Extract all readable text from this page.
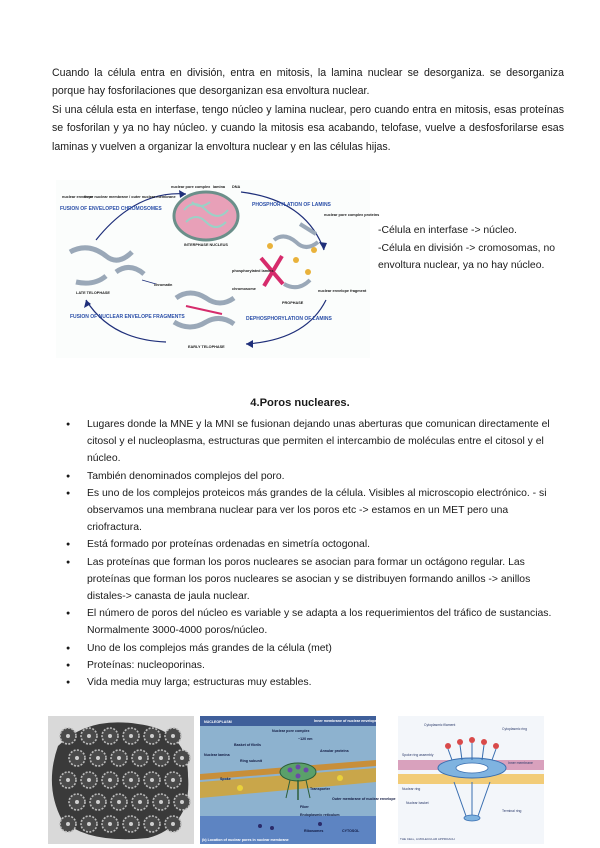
Cuando la célula entra en división, entra en mitosis, la lamina nuclear se desorganiza. se desorganiza porque hay fosforilaciones que desorganizan esa envoltura nuclear.

Si una célula esta en interfase, tengo núcleo y lamina nuclear, pero cuando entra en mitosis, esas proteínas se fosforilan y ya no hay núcleo. y cuando la mitosis esa acabando, telofase, vuelve a desfosforilarse esas laminas y vuelven a organizar la envoltura nuclear y en las células hijas.

nuclear pore complex lamina DNA
inner nuclear membrane / outer nuclear membrane
nuclear envelope
INTERPHASE NUCLEUS
phosphorylated lamins
nuclear pore complex proteins
LATE TELOPHASE
chromatin
chromosome	nuclear envelope fragment
PROPHASE
EARLY TELOPHASE
FUSION OF ENVELOPED CHROMOSOMES
PHOSPHORYLATION OF LAMINS
FUSION OF NUCLEAR ENVELOPE FRAGMENTS	DEPHOSPHORYLATION OF LAMINS
-Célula en interfase -> núcleo.
-Célula en división -> cromosomas, no envoltura nuclear, ya no hay núcleo.
4.Poros nucleares.
● Lugares donde la MNE y la MNI se fusionan dejando unas aberturas que comunican directamente el citosol y el nucleoplasma, estructuras que permiten el intercambio de moléculas entre el citosol y el núcleo.
● También denominados complejos del poro.
● Es uno de los complejos proteicos más grandes de la célula. Visibles al microscopio electrónico. - si observamos una membrana nuclear para ver los poros etc -> estamos en un MET pero una criofractura.
● Está formado por proteínas ordenadas en simetría octogonal.
● Las proteínas que forman los poros nucleares se asocian para formar un octágono regular. Las proteínas que forman los poros nucleares se asocian y se distribuyen formando anillos -> anillos distales-> canasta de jaula nuclear.
● El número de poros del núcleo es variable y se adapta a los requerimientos del tráfico de sustancias. Normalmente 3000-4000 poros/núcleo.
● Uno de los complejos más grandes de la célula (met)
● Proteínas: nucleoporinas.
● Vida media muy larga; estructuras muy estables.
NUCLEOPLASM
Nuclear pore complex
Inner membrane of nuclear envelope
~120 nm
Basket of fibrils
Nuclear lamina
Ring subunit
Annular proteins
Spoke
Transporter
Outer membrane of nuclear envelope
Fiber
Endoplasmic reticulum
Ribosomes	CYTOSOL
(b) Location of nuclear pores in nuclear membrane
Cytoplasmic filament
Cytoplasmic ring
Spoke ring assembly
Inner membrane
Nuclear ring
Nuclear basket
Terminal ring
THE CELL, A MOLECULAR APPROACH
